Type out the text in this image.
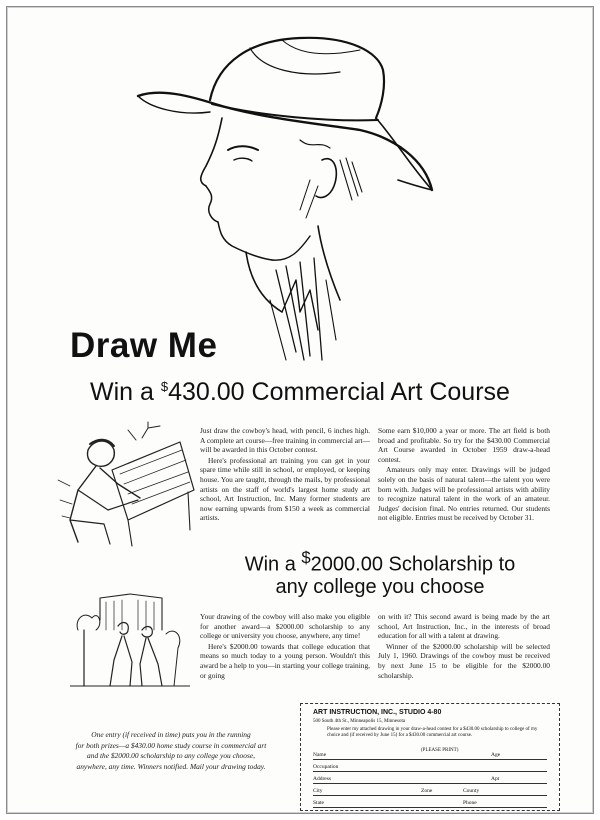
Draw Me
Win a $430.00 Commercial Art Course

Just draw the cowboy's head, with pencil, 6 inches high. A complete art course—free training in commercial art—will be awarded in this October contest.

Here's professional art training you can get in your spare time while still in school, or employed, or keeping house. You are taught, through the mails, by professional artists on the staff of world's largest home study art school, Art Instruction, Inc. Many former students are now earning upwards from $150 a week as commercial artists.

Some earn $10,000 a year or more. The art field is both broad and profitable. So try for the $430.00 Commercial Art Course awarded in October 1959 draw-a-head contest.

Amateurs only may enter. Drawings will be judged solely on the basis of natural talent—the talent you were born with. Judges will be professional artists with ability to recognize natural talent in the work of an amateur. Judges' decision final. No entries returned. Our students not eligible. Entries must be received by October 31.

Win a $2000.00 Scholarship to
any college you choose

Your drawing of the cowboy will also make you eligible for another award—a $2000.00 scholarship to any college or university you choose, anywhere, any time!

Here's $2000.00 towards that college education that means so much today to a young person. Wouldn't this award be a help to you—in starting your college training, or going

on with it? This second award is being made by the art school, Art Instruction, Inc., in the interests of broad education for all with a talent at drawing.

Winner of the $2000.00 scholarship will be selected July 1, 1960. Drawings of the cowboy must be received by next June 15 to be eligible for the $2000.00 scholarship.

One entry (if received in time) puts you in the running
for both prizes—a $430.00 home study course in commercial art
and the $2000.00 scholarship to any college you choose,
anywhere, any time. Winners notified. Mail your drawing today.
ART INSTRUCTION, INC., STUDIO 4-80
500 South 4th St., Minneapolis 15, Minnesota
Please enter my attached drawing in your draw-a-head contest for a $430.00 scholarship to college of my choice and (if received by June 15) for a $430.00 commercial art course.
(PLEASE PRINT)
Name	Age
Occupation
Address	Apt
City	Zone	County
State	Phone
